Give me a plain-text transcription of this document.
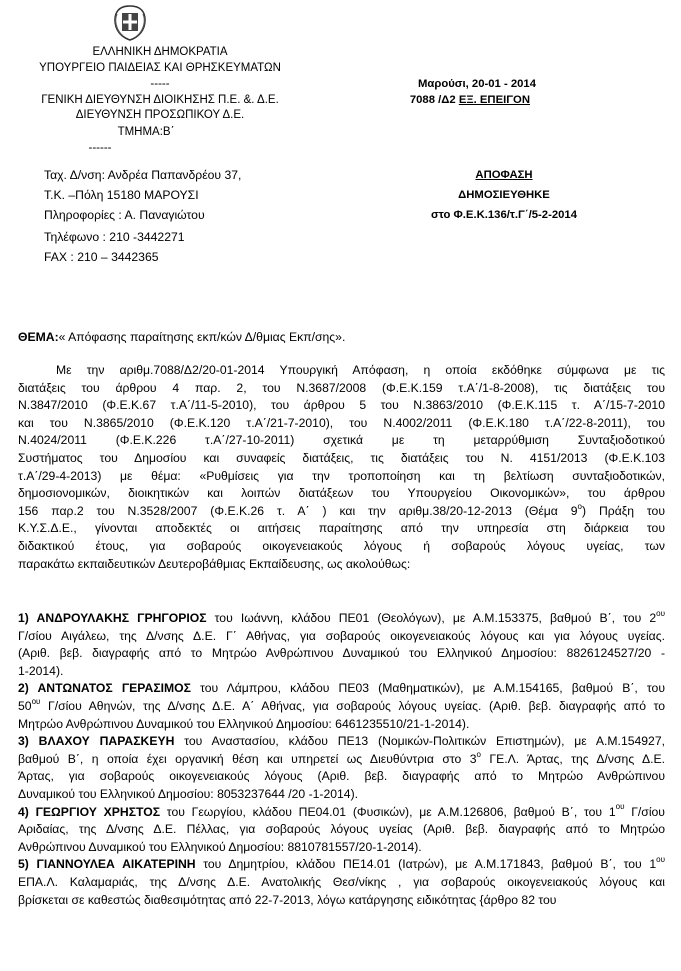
ΕΛΛΗΝΙΚΗ ΔΗΜΟΚΡΑΤΙΑ
ΥΠΟΥΡΓΕΙΟ ΠΑΙΔΕΙΑΣ ΚΑΙ ΘΡΗΣΚΕΥΜΑΤΩΝ
-----
ΓΕΝΙΚΗ ΔΙΕΥΘΥΝΣΗ ΔΙΟΙΚΗΣΗΣ Π.Ε. &. Δ.Ε.
ΔΙΕΥΘΥΝΣΗ ΠΡΟΣΩΠΙΚΟΥ Δ.Ε.
ΤΜΗΜΑ:Β΄
------
Μαρούσι, 20-01 - 2014
7088 /Δ2 ΕΞ. ΕΠΕΙΓΟΝ
Ταχ. Δ/νση: Ανδρέα Παπανδρέου 37,
Τ.Κ. –Πόλη 15180 ΜΑΡΟΥΣΙ
Πληροφορίες : Α. Παναγιώτου
Τηλέφωνο : 210 -3442271
FAX : 210 – 3442365
ΑΠΟΦΑΣΗ
ΔΗΜΟΣΙΕΥΘΗΚΕ
στο Φ.Ε.Κ.136/τ.Γ΄/5-2-2014
ΘΕΜΑ:« Απόφασης παραίτησης εκπ/κών Δ/θμιας Εκπ/σης».
Με την αριθμ.7088/Δ2/20-01-2014 Υπουργική Απόφαση, η οποία εκδόθηκε σύμφωνα με τις
διατάξεις του άρθρου 4 παρ. 2, του Ν.3687/2008 (Φ.Ε.Κ.159 τ.Α΄/1-8-2008), τις διατάξεις του
Ν.3847/2010 (Φ.Ε.Κ.67 τ.Α΄/11-5-2010), του άρθρου 5 του Ν.3863/2010 (Φ.Ε.Κ.115 τ. Α΄/15-7-2010
και του Ν.3865/2010 (Φ.Ε.Κ.120 τ.Α΄/21-7-2010), του Ν.4002/2011 (Φ.Ε.Κ.180 τ.Α΄/22-8-2011), του
Ν.4024/2011 (Φ.Ε.Κ.226 τ.Α΄/27-10-2011) σχετικά με τη μεταρρύθμιση Συνταξιοδοτικού
Συστήματος του Δημοσίου και συναφείς διατάξεις, τις διατάξεις του Ν. 4151/2013 (Φ.Ε.Κ.103
τ.Α΄/29-4-2013) με θέμα: «Ρυθμίσεις για την τροποποίηση και τη βελτίωση συνταξιοδοτικών,
δημοσιονομικών, διοικητικών και λοιπών διατάξεων του Υπουργείου Οικονομικών», του άρθρου
156 παρ.2 του Ν.3528/2007 (Φ.Ε.Κ.26 τ. Α΄ ) και την αριθμ.38/20-12-2013 (Θέμα $9^o$) Πράξη του
Κ.Υ.Σ.Δ.Ε., γίνονται αποδεκτές οι αιτήσεις παραίτησης από την υπηρεσία στη διάρκεια του
διδακτικού έτους, για σοβαρούς οικογενειακούς λόγους ή σοβαρούς λόγους υγείας, των
παρακάτω εκπαιδευτικών Δευτεροβάθμιας Εκπαίδευσης, ως ακολούθως:
1) ΑΝΔΡΟΥΛΑΚΗΣ ΓΡΗΓΟΡΙΟΣ του Ιωάννη, κλάδου ΠΕ01 (Θεολόγων), με Α.Μ.153375, βαθμού Β΄, του $2^{o\upsilon}$
Γ/σίου Αιγάλεω, της Δ/νσης Δ.Ε. Γ΄ Αθήνας, για σοβαρούς οικογενειακούς λόγους και για λόγους υγείας.
(Αριθ. βεβ. διαγραφής από το Μητρώο Ανθρώπινου Δυναμικού του Ελληνικού Δημοσίου: 8826124527/20 -
1-2014).
2) ΑΝΤΩΝΑΤΟΣ ΓΕΡΑΣΙΜΟΣ του Λάμπρου, κλάδου ΠΕ03 (Μαθηματικών), με Α.Μ.154165, βαθμού Β΄, του
$50^{o\upsilon}$ Γ/σίου Αθηνών, της Δ/νσης Δ.Ε. Α΄ Αθήνας, για σοβαρούς λόγους υγείας. (Αριθ. βεβ. διαγραφής από το
Μητρώο Ανθρώπινου Δυναμικού του Ελληνικού Δημοσίου: 6461235510/21-1-2014).
3) ΒΛΑΧΟΥ ΠΑΡΑΣΚΕΥΗ του Αναστασίου, κλάδου ΠΕ13 (Νομικών-Πολιτικών Επιστημών), με Α.Μ.154927,
βαθμού Β΄, η οποία έχει οργανική θέση και υπηρετεί ως Διευθύντρια στο $3^o$ ΓΕ.Λ. Άρτας, της Δ/νσης Δ.Ε.
Άρτας, για σοβαρούς οικογενειακούς λόγους (Αριθ. βεβ. διαγραφής από το Μητρώο Ανθρώπινου
Δυναμικού του Ελληνικού Δημοσίου: 8053237644 /20 -1-2014).
4) ΓΕΩΡΓΙΟΥ ΧΡΗΣΤΟΣ του Γεωργίου, κλάδου ΠΕ04.01 (Φυσικών), με Α.Μ.126806, βαθμού Β΄, του $1^{o\upsilon}$ Γ/σίου
Αριδαίας, της Δ/νσης Δ.Ε. Πέλλας, για σοβαρούς λόγους υγείας (Αριθ. βεβ. διαγραφής από το Μητρώο
Ανθρώπινου Δυναμικού του Ελληνικού Δημοσίου: 8810781557/20-1-2014).
5) ΓΙΑΝΝΟΥΛΕΑ ΑΙΚΑΤΕΡΙΝΗ του Δημητρίου, κλάδου ΠΕ14.01 (Ιατρών), με Α.Μ.171843, βαθμού Β΄, του $1^{o\upsilon}$
ΕΠΑ.Λ. Καλαμαριάς, της Δ/νσης Δ.Ε. Ανατολικής Θεσ/νίκης , για σοβαρούς οικογενειακούς λόγους και
βρίσκεται σε καθεστώς διαθεσιμότητας από 22-7-2013, λόγω κατάργησης ειδικότητας {άρθρο 82 του
